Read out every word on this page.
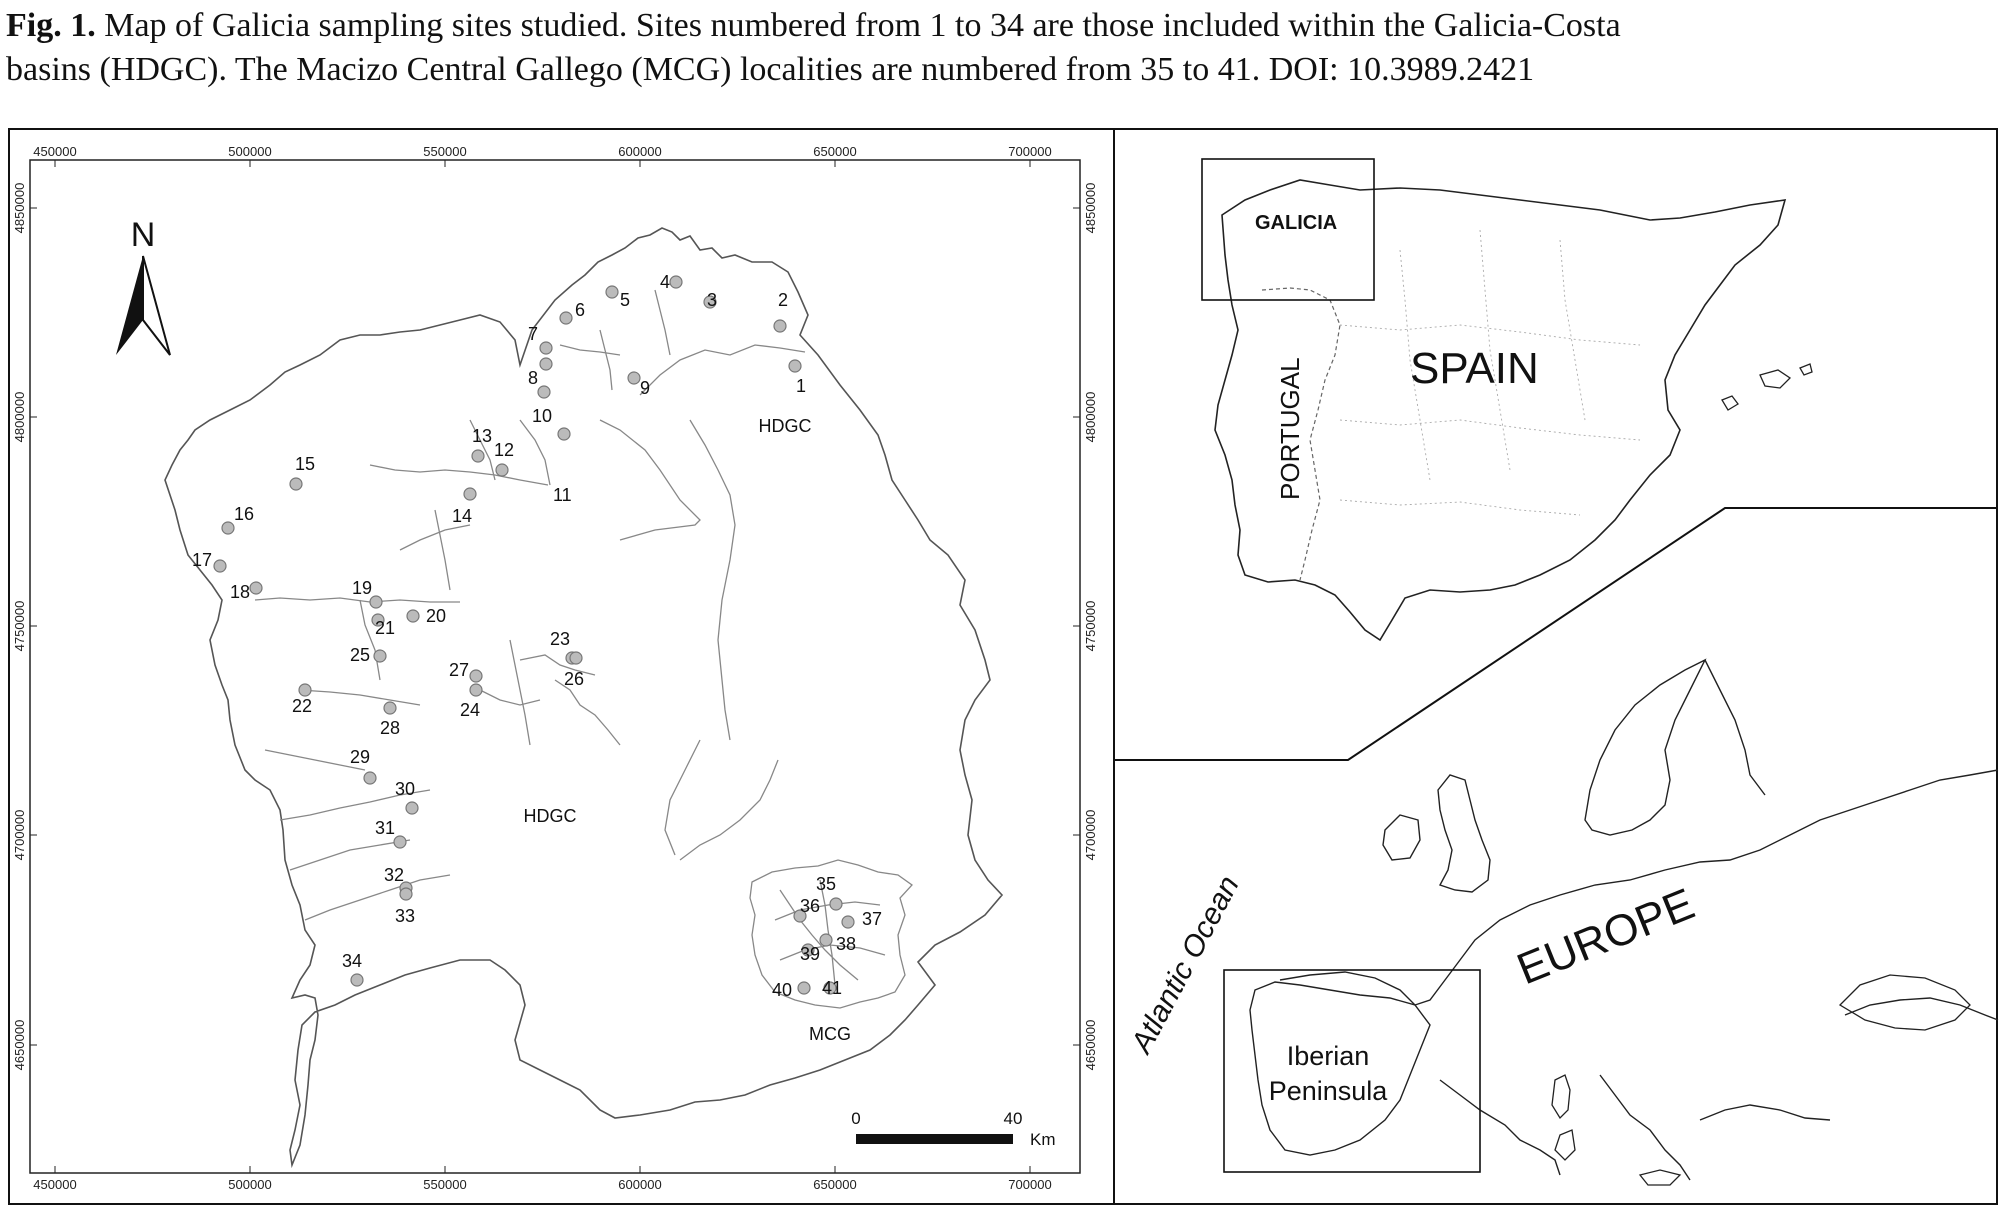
Fig. 1. Map of Galicia sampling sites studied. Sites numbered from 1 to 34 are those included within the Galicia-Costa
basins (HDGC). The Macizo Central Gallego (MCG) localities are numbered from 35 to 41. DOI: 10.3989.2421
450000	500000	550000	600000	650000	700000
450000	500000	550000	600000	650000	700000
4850000
4800000
4750000
4700000
4650000
4850000
4800000
4750000
4700000
4650000
N
HDGC
HDGC
MCG
1
2
3
4
5
6
7
8	9
10
11
12
13
14
15
16
17
18	19
20
21
22
23
24
25
26
27
28
29
30
31
32
33
34
35
36
37
38
39
40 41
0	40
Km
GALICIA
SPAIN
PORTUGAL
Iberian
Peninsula
EUROPE
Atlantic Ocean
